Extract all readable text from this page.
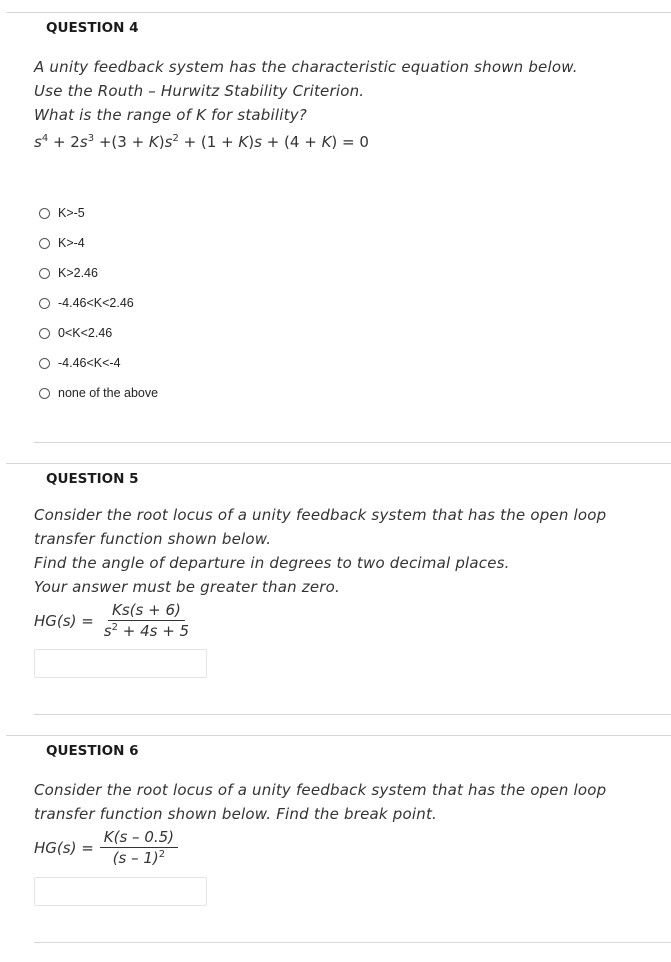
QUESTION 4
A unity feedback system has the characteristic equation shown below.
Use the Routh – Hurwitz Stability Criterion.
What is the range of K for stability?
$s^4 + 2s^3 +(3 + K)s^2 + (1 + K)s + (4 + K) = 0$
K>-5
K>-4
K>2.46
-4.46<K<2.46
0<K<2.46
-4.46<K<-4
none of the above
QUESTION 5
Consider the root locus of a unity feedback system that has the open loop
transfer function shown below.
Find the angle of departure in degrees to two decimal places.
Your answer must be greater than zero.
$HG(s) = \frac{Ks(s + 6)}{s^2 + 4s + 5}$
QUESTION 6
Consider the root locus of a unity feedback system that has the open loop
transfer function shown below. Find the break point.
$HG(s) = \frac{K(s - 0.5)}{(s - 1)^2}$
